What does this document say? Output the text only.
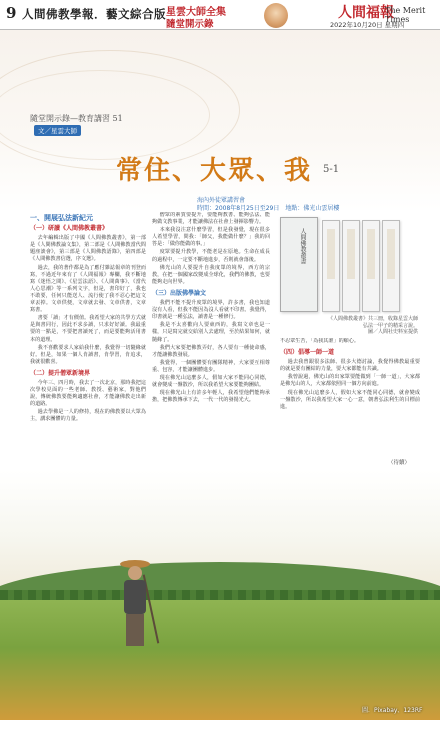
9 人間佛教學報．藝文綜合版 星雲大師全集
隨堂開示錄
人間福報
The Merit Times
2022年10月20日 星期四
隨堂開示錄—教育講習 51
文／星雲大師
常住、大眾、我 5-1
海內外徒眾講習會
時間：2008年8月25日至29日　地點：佛光山雲居樓
一、開展弘法新紀元
（一）研讀《人間佛教叢書》

去年編輯出版了中國《人間佛教叢書》，第一部是《人間佛教論文集》，第二部是《人間佛教當代問題座談會》，第三部是《人間佛教語錄》，第四部是《人間佛教書信選，序文選》。

過去，我的著作都是為了應付雜誌報章的刊登而寫，不過近年來有了《人間福報》專欄，我不斷地寫《迷悟之間》、《星雲法語》、《人間萬事》、《當代人心思潮》等一系列文字，但是，書印好了，我也不敢要，任何只能送人、流行使了我不忍心把這文章丟掉。文章供便，文章就去發、文章供書，文章寫書。

書要「讀」才有價值。我希望大家的共學方式就是與書同行，因此不求多讀，只求好好讀。我最重要的一點是，不要把書讀死了，而是要能夠活用書本的道理。

我不喜歡要求人家給我什麼，我覺得一切隨緣就好。但是，如果一個人肯讀書，肯學習，肯追求，我就很歡喜。

（二）提升僧眾新境界

今年三、四月時，我去了一次北京，那時我把這次學校見面的一些老師、教授、藝術家，對他們說，傳統佛教要能夠適應社會，才能讓佛教走出新的道路。

過去學佛是一人的修持，現在的佛教要以大眾為主，講求團體的力量。

僧眾的素質要提升，要能夠教書、能夠弘法、能夠做文教事業，才能讓佛法在社會上發揮影響力。

本來我沒注意什麼學習，但是我發覺，現在很多人希望學習，問我：「師父，我能做什麼？」我的回答是：「做你能做的事。」

度眾要提升教學，不能老是在原地。生命在成長的過程中，一定要不斷地進步，否則就會落後。

佛光山的人要提升自我度眾的境界，西方的宗教，在把一個國家改變成全球化，我們的佛教，也要能夠走向世界。

（三）出版佛學論文

我們不能不提升度眾的境界，許多書，我也知道沒有人看，但我不能因為沒人看就不印書。我覺得，印書就是一種弘法，讀書是一種修行。

我是不太喜歡向人要東西的，我寫文章也是一樣，只是寫完就交給別人去處理，至於結果如何，就隨緣了。

我們大家要把佛教弄好，各人要有一種使命感，才能讓佛教發展。

我覺得，一個團體要有團隊精神，大家要互相尊重、包容，才能讓團體進步。

現在佛光山這麼多人，假如大家不能同心同德，就會變成一盤散沙，所以我希望大家要能夠團結。

現在佛光山上有許多年輕人，我希望他們能夠承擔，把佛教傳承下去，一代一代的發揚光大。

人間佛教叢書
《人間佛教叢書》共三冊，收錄星雲大師
弘法一甲子的精采言說。
圖／人間社史料室提供

不忍眾生苦，「為我其誰」的願心。

（四）倡導一師一道

過去我曾跟很多法師、很多大德討論，我覺得佛教最重要的就是要有團結的力量，要大家都能有共識。

我曾說過，佛光山的出家眾要能做到「一師一道」，大家都是佛光山的人，大家都依照同一個方向前進。

現在佛光山這麼多人，假如大家不能同心同德，就會變成一盤散沙，所以我希望大家一心一意，朝著弘法利生的目標前進。

（待續）
圖．Pixabay、123RF
